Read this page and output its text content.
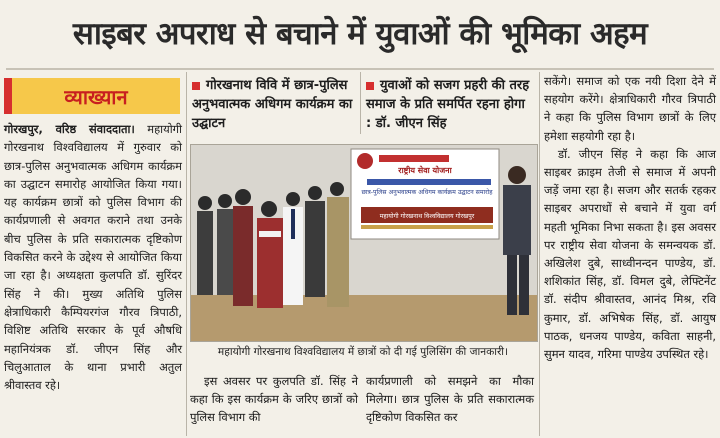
साइबर अपराध से बचाने में युवाओं की भूमिका अहम
व्याख्यान
गोरखपुर, वरिष्ठ संवाददाता। महायोगी गोरखनाथ विश्वविद्यालय में गुरुवार को छात्र-पुलिस अनुभवात्मक अधिगम कार्यक्रम का उद्घाटन समारोह आयोजित किया गया। यह कार्यक्रम छात्रों को पुलिस विभाग की कार्यप्रणाली से अवगत कराने तथा उनके बीच पुलिस के प्रति सकारात्मक दृष्टिकोण विकसित करने के उद्देश्य से आयोजित किया जा रहा है। अध्यक्षता कुलपति डॉ. सुरिंदर सिंह ने की। मुख्य अतिथि पुलिस क्षेत्राधिकारी कैम्पियरगंज गौरव त्रिपाठी, विशिष्ट अतिथि सरकार के पूर्व औषधि महानियंत्रक डॉ. जीएन सिंह और चिलुआताल के थाना प्रभारी अतुल श्रीवास्तव रहे।
गोरखनाथ विवि में छात्र-पुलिस अनुभवात्मक अधिगम कार्यक्रम का उद्घाटन
युवाओं को सजग प्रहरी की तरह समाज के प्रति समर्पित रहना होगा : डॉ. जीएन सिंह
राष्ट्रीय सेवा योजना
छात्र-पुलिस अनुभवात्मक अधिगम कार्यक्रम उद्घाटन समारोह
महायोगी गोरखनाथ विश्वविद्यालय गोरखपुर
महायोगी गोरखनाथ विश्वविद्यालय में छात्रों को दी गई पुलिसिंग की जानकारी।
इस अवसर पर कुलपति डॉ. सिंह ने कहा कि इस कार्यक्रम के जरिए छात्रों को पुलिस विभाग की
कार्यप्रणाली को समझने का मौका मिलेगा। छात्र पुलिस के प्रति सकारात्मक दृष्टिकोण विकसित कर

सकेंगे। समाज को एक नयी दिशा देने में सहयोग करेंगे। क्षेत्राधिकारी गौरव त्रिपाठी ने कहा कि पुलिस विभाग छात्रों के लिए हमेशा सहयोगी रहा है।

डॉ. जीएन सिंह ने कहा कि आज साइबर क्राइम तेजी से समाज में अपनी जड़ें जमा रहा है। सजग और सतर्क रहकर साइबर अपराधों से बचाने में युवा वर्ग महती भूमिका निभा सकता है। इस अवसर पर राष्ट्रीय सेवा योजना के समन्वयक डॉ. अखिलेश दुबे, साध्वीनन्दन पाण्डेय, डॉ. शशिकांत सिंह, डॉ. विमल दुबे, लेफ्टिनेंट डॉ. संदीप श्रीवास्तव, आनंद मिश्र, रवि कुमार, डॉ. अभिषेक सिंह, डॉ. आयुष पाठक, धनजय पाण्डेय, कविता साहनी, सुमन यादव, गरिमा पाण्डेय उपस्थित रहे।
